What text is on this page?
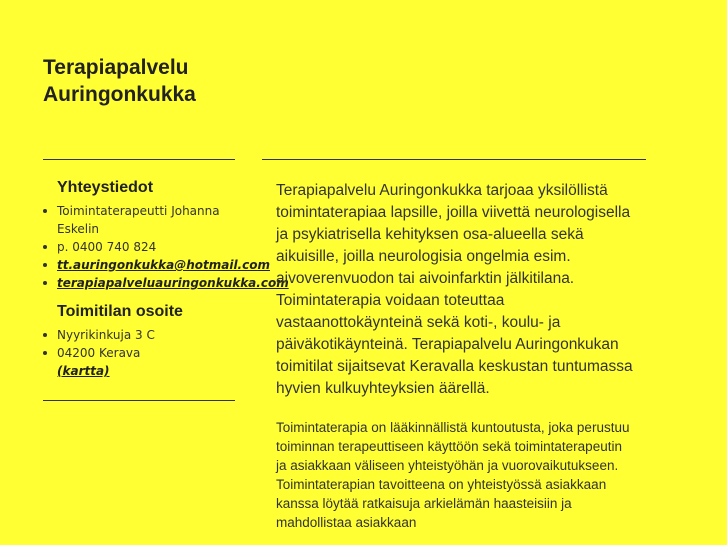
Terapiapalvelu
Auringonkukka
Yhteystiedot
Toimintaterapeutti Johanna Eskelin
p. 0400 740 824
tt.auringonkukka@hotmail.com
terapiapalveluauringonkukka.com
Toimitilan osoite
Nyyrikinkuja 3 C
04200 Kerava
(kartta)

Terapiapalvelu Auringonkukka tarjoaa yksilöllistä toimintaterapiaa lapsille, joilla viivettä neurologisella ja psykiatrisella kehityksen osa-alueella sekä aikuisille, joilla neurologisia ongelmia esim. aivoverenvuodon tai aivoinfarktin jälkitilana. Toimintaterapia voidaan toteuttaa vastaanottokäynteinä sekä koti-, koulu- ja päiväkotikäynteinä. Terapiapalvelu Auringonkukan toimitilat sijaitsevat Keravalla keskustan tuntumassa hyvien kulkuyhteyksien äärellä.

Toimintaterapia on lääkinnällistä kuntoutusta, joka perustuu toiminnan terapeuttiseen käyttöön sekä toimintaterapeutin ja asiakkaan väliseen yhteistyöhän ja vuorovaikutukseen. Toimintaterapian tavoitteena on yhteistyössä asiakkaan kanssa löytää ratkaisuja arkielämän haasteisiin ja mahdollistaa asiakkaan
